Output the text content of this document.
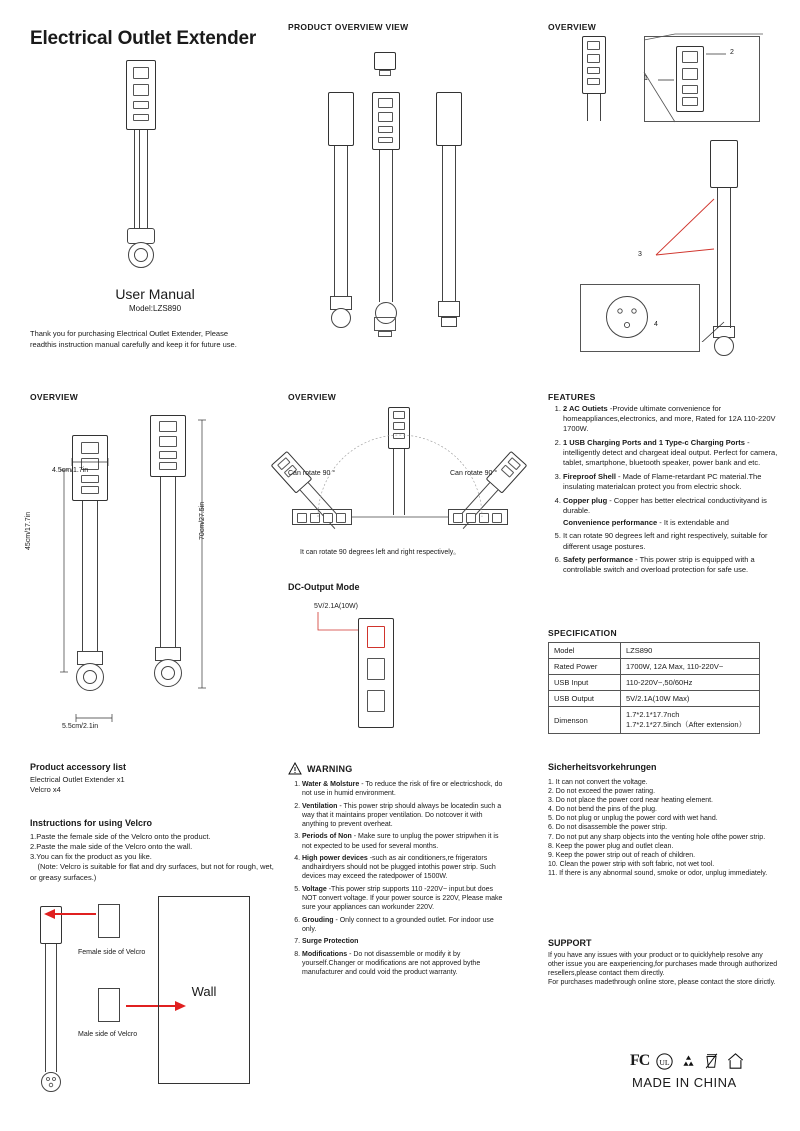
Electrical Outlet Extender
User Manual
Model:LZS890
Thank you for purchasing Electrical Outlet Extender, Please readthis instruction manual carefully and keep it for future use.
PRODUCT OVERVIEW VIEW	OVERVIEW
1
2
3
4
OVERVIEW
4.5cm/1.7in
45cm/17.7in	70cm/27.5in
5.5cm/2.1in
OVERVIEW
Can rotate 90 °	Can rotate 90 °
It can rotate 90 degrees left and right respectively。
DC-Output Mode
5V/2.1A(10W)
FEATURES
1. 2 AC Outiets -Provide ultimate convenience for homeappliances,electronics, and more, Rated for 12A 110-220V 1700W.
2. 1 USB Charging Ports and 1 Type-c Charging Ports -intelligently detect and chargeat ideal output. Perfect for camera, tablet, smartphone, bluetooth speaker, power bank and etc.
3. Fireproof Shell - Made of Flame-retardant PC material.The insulating materialcan protect you from electric shock.
4. Copper plug - Copper has better electrical conductivityand is durable.
Convenience performance - It is extendable and
5. It can rotate 90 degrees left and right respectively, suitable for different usage postures.
6. Safety performance - This power strip is equipped with a controllable switch and overload protection for safe use.
SPECIFICATION
Model	LZS890
Rated Power	1700W, 12A Max, 110-220V~
USB Input	110-220V~,50/60Hz
USB Output	5V/2.1A(10W Max)
Dimenson	1.7*2.1*17.7nch
1.7*2.1*27.5inch（After extension）
Product accessory list
Electrical Outlet Extender x1
Velcro x4
Instructions for using Velcro
1.Paste the female side of the Velcro onto the product.
2.Paste the male side of the Velcro onto the wall.
3.You can fix the product as you like.
　(Note: Velcro is suitable for flat and dry surfaces, but not for rough, wet, or greasy surfaces.)
Female side of Velcro
Male side of Velcro
Wall
WARNING
1. Water & Molsture - To reduce the risk of fire or electricshock, do not use in humid environment.
2. Ventilation - This power strip should always be locatedin such a way that it maintains proper ventilation. Do notcover it with anything to prevent overheat.
3. Periods of Non - Make sure to unplug the power stripwhen it is not expected to be used for several months.
4. High power devices -such as air conditioners,re frigerators andhairdryers should not be plugged intothis power strip. Such devices may exceed the ratedpower of 1500W.
5. Voltage -This power strip supports 110 -220V~ input.but does NOT convert voltage. If your power source is 220V, Please make sure your appliances can workunder 220V.
6. Grouding - Only connect to a grounded outlet. For indoor use only.
7. Surge Protection
8. Modifications - Do not disassemble or modify it by yourself.Changer or modifications are not approved bythe manufacturer and could void the product warranty.
Sicherheitsvorkehrungen
1. It can not convert the voltage.
2. Do not exceed the power rating.
3. Do not place the power cord near heating element.
4. Do not bend the pins of the plug.
5. Do not plug or unplug the power cord with wet hand.
6. Do not disassemble the power strip.
7. Do not put any sharp objects into the venting hole ofthe power strip.
8. Keep the power plug and outlet clean.
9. Keep the power strip out of reach of children.
10. Clean the power strip with soft fabric, not wet tool.
11. If there is any abnormal sound, smoke or odor, unplug immediately.
SUPPORT
If you have any issues with your product or to quicklyhelp resolve any other issue you are eaxperiencing,for purchases made through authorized resellers,please contact them directly.
For purchases madethrough online store, please contact the store dirictly.
FC UL
MADE IN CHINA
